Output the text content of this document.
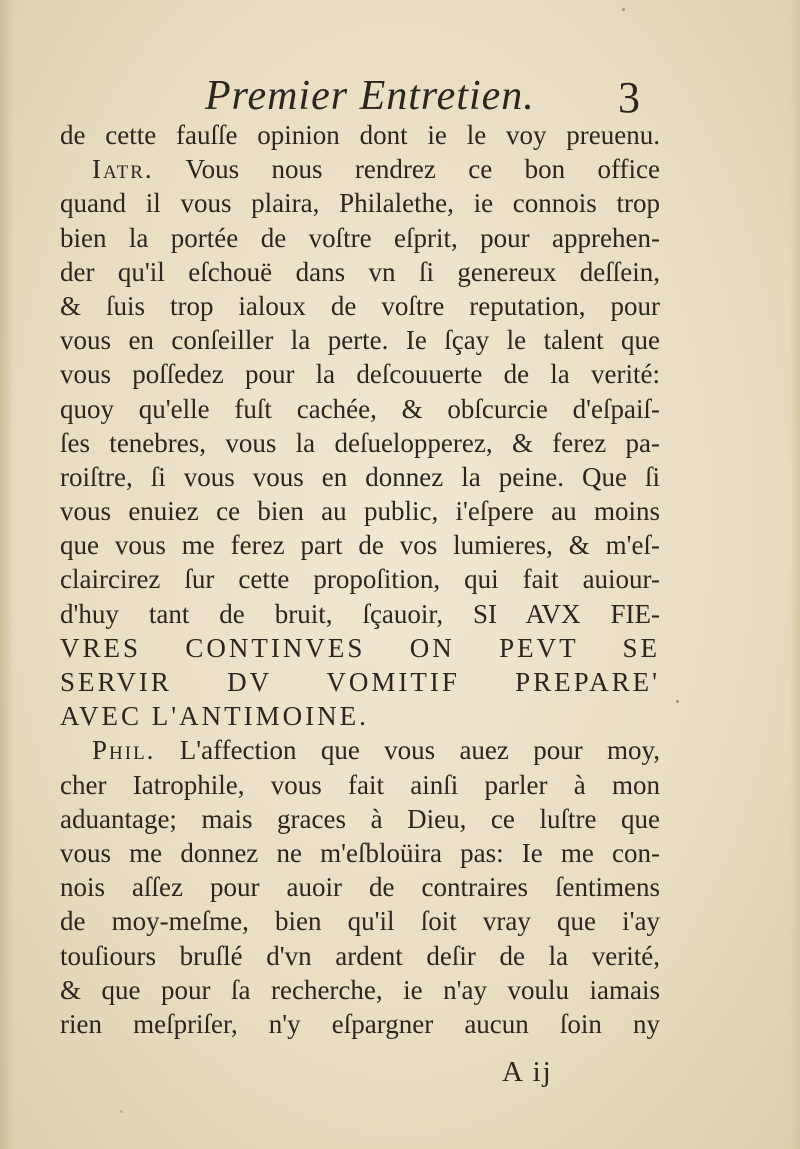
Premier Entretien. 3
de cette fauſſe opinion dont ie le voy preuenu.
Iatr. Vous nous rendrez ce bon office
quand il vous plaira, Philalethe, ie connois trop
bien la portée de voſtre eſprit, pour apprehen-
der qu'il eſchouë dans vn ſi genereux deſſein,
& ſuis trop ialoux de voſtre reputation, pour
vous en conſeiller la perte. Ie ſçay le talent que
vous poſſedez pour la deſcouuerte de la verité:
quoy qu'elle fuſt cachée, & obſcurcie d'eſpaiſ-
ſes tenebres, vous la deſuelopperez, & ferez pa-
roiſtre, ſi vous vous en donnez la peine. Que ſi
vous enuiez ce bien au public, i'eſpere au moins
que vous me ferez part de vos lumieres, & m'eſ-
claircirez ſur cette propoſition, qui fait auiour-
d'huy tant de bruit, ſçauoir, SI AVX FIE-
VRES CONTINVES ON PEVT SE
SERVIR DV VOMITIF PREPARE'
AVEC L'ANTIMOINE.
Phil. L'affection que vous auez pour moy,
cher Iatrophile, vous fait ainſi parler à mon
aduantage; mais graces à Dieu, ce luſtre que
vous me donnez ne m'eſbloüira pas: Ie me con-
nois aſſez pour auoir de contraires ſentimens
de moy-meſme, bien qu'il ſoit vray que i'ay
touſiours bruſlé d'vn ardent deſir de la verité,
& que pour ſa recherche, ie n'ay voulu iamais
rien meſpriſer, n'y eſpargner aucun ſoin ny
A ij
